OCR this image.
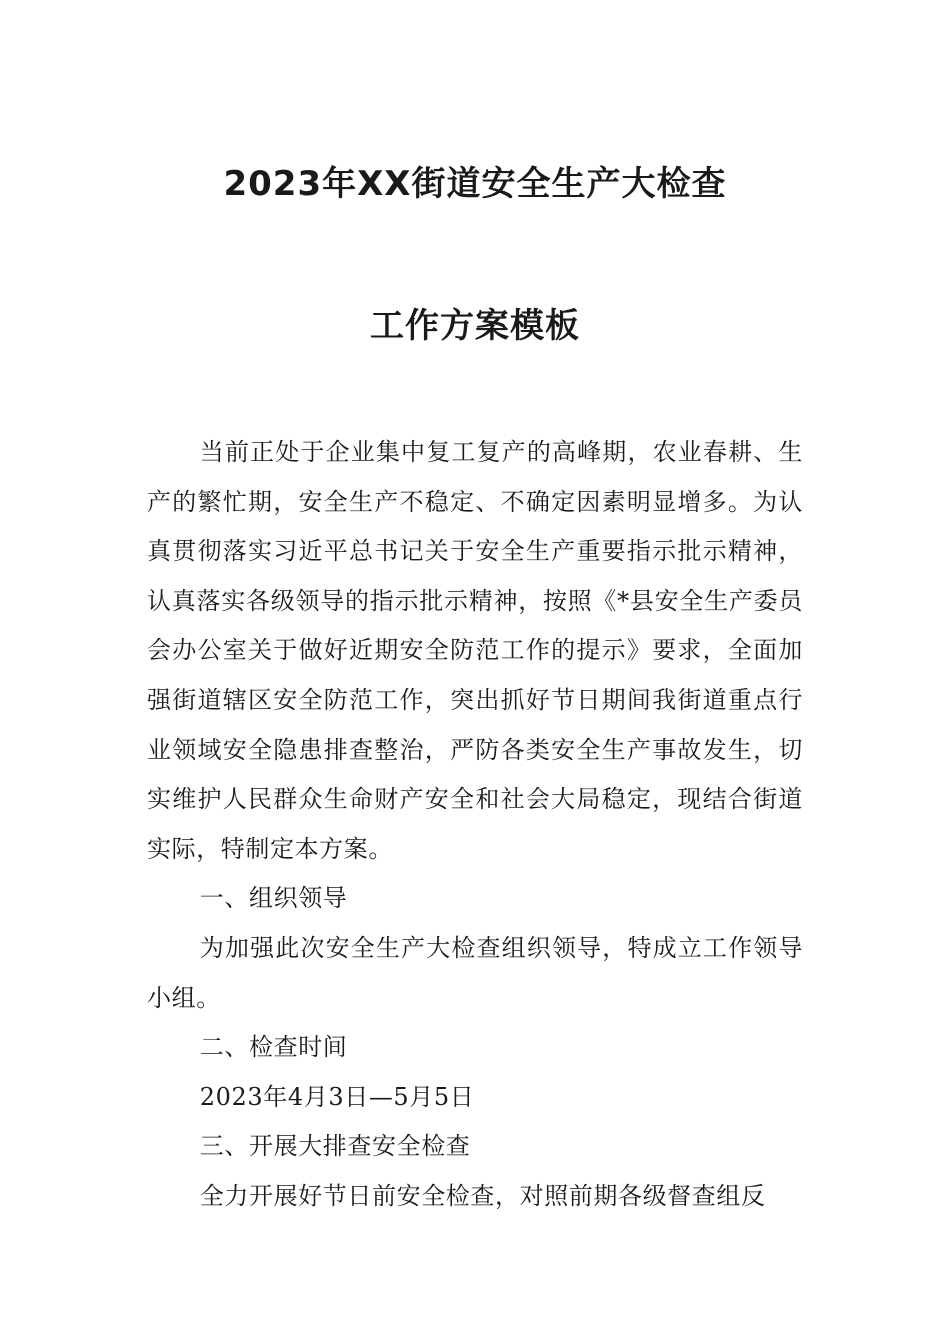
2023年XX街道安全生产大检查
工作方案模板

当前正处于企业集中复工复产的高峰期，农业春耕、生产的繁忙期，安全生产不稳定、不确定因素明显增多。为认真贯彻落实习近平总书记关于安全生产重要指示批示精神，认真落实各级领导的指示批示精神，按照《*县安全生产委员会办公室关于做好近期安全防范工作的提示》要求，全面加强街道辖区安全防范工作，突出抓好节日期间我街道重点行业领域安全隐患排查整治，严防各类安全生产事故发生，切实维护人民群众生命财产安全和社会大局稳定，现结合街道实际，特制定本方案。

一、组织领导

为加强此次安全生产大检查组织领导，特成立工作领导小组。

二、检查时间

2023年4月3日—5月5日

三、开展大排查安全检查

全力开展好节日前安全检查，对照前期各级督查组反
